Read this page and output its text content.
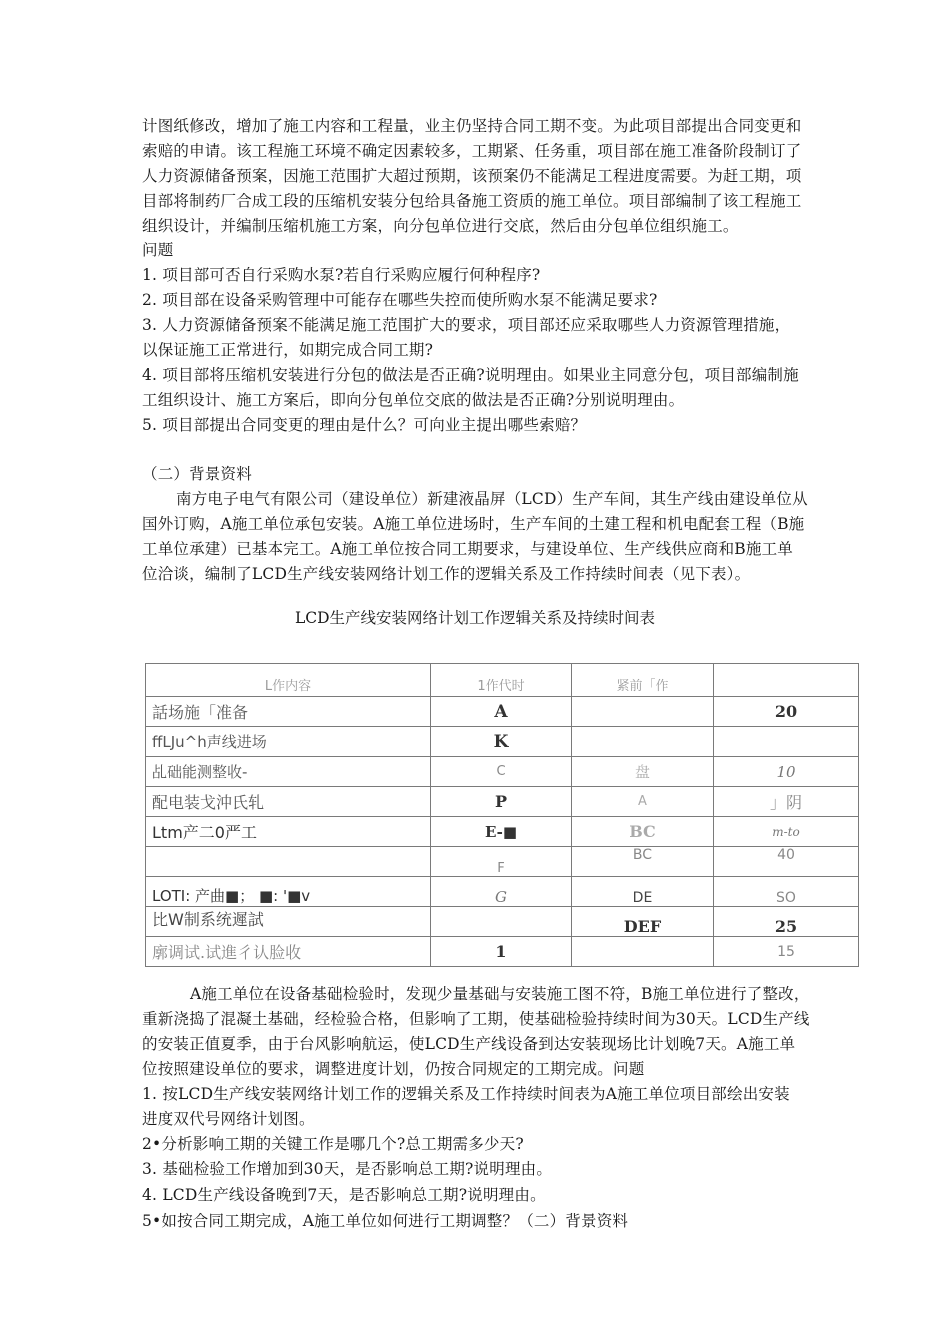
计图纸修改，增加了施工内容和工程量，业主仍坚持合同工期不变。为此项目部提出合同变更和
索赔的申请。该工程施工环境不确定因素较多，工期紧、任务重，项目部在施工准备阶段制订了
人力资源储备预案，因施工范围扩大超过预期，该预案仍不能满足工程进度需要。为赶工期，项
目部将制药厂合成工段的压缩机安装分包给具备施工资质的施工单位。项目部编制了该工程施工
组织设计，并编制压缩机施工方案，向分包单位进行交底，然后由分包单位组织施工。
问题
1. 项目部可否自行采购水泵?若自行采购应履行何种程序?
2. 项目部在设备采购管理中可能存在哪些失控而使所购水泵不能满足要求?
3. 人力资源储备预案不能满足施工范围扩大的要求，项目部还应采取哪些人力资源管理措施，
以保证施工正常进行，如期完成合同工期?
4. 项目部将压缩机安装进行分包的做法是否正确?说明理由。如果业主同意分包，项目部编制施
工组织设计、施工方案后，即向分包单位交底的做法是否正确?分别说明理由。
5. 项目部提出合同变更的理由是什么？可向业主提出哪些索赔？
（二）背景资料
南方电子电气有限公司（建设单位）新建液晶屏（LCD）生产车间，其生产线由建设单位从
国外订购，A施工单位承包安装。A施工单位进场时，生产车间的土建工程和机电配套工程（B施
工单位承建）已基本完工。A施工单位按合同工期要求，与建设单位、生产线供应商和B施工单
位洽谈，编制了LCD生产线安装网络计划工作的逻辑关系及工作持续时间表（见下表）。
LCD生产线安装网络计划工作逻辑关系及持续时间表
L作内容	1作代时	紧前「作	
話场施「准备	A		20
ffLJu^h声线进场	K		
乩础能测整收-	C	盘	10
配电装戈沖氏轧	P	A	」阴
Ltm产二0严工	E-■	BC	m-to
	F	BC	40
LOTI: 产曲■； ■: '■v	G	DE	SO
比W制系统遲試		DEF	25
廓调试.试進彳认脸收	1		15
A施工单位在设备基础检验时，发现少量基础与安装施工图不符，B施工单位进行了整改，
重新浇捣了混凝土基础，经检验合格，但影响了工期，使基础检验持续时间为30天。LCD生产线
的安装正值夏季，由于台风影响航运，使LCD生产线设备到达安装现场比计划晚7天。A施工单
位按照建设单位的要求，调整进度计划，仍按合同规定的工期完成。问题
1. 按LCD生产线安装网络计划工作的逻辑关系及工作持续时间表为A施工单位项目部绘出安装
进度双代号网络计划图。
2•分析影响工期的关键工作是哪几个?总工期需多少天?
3. 基础检验工作增加到30天，是否影响总工期?说明理由。
4. LCD生产线设备晚到7天，是否影响总工期?说明理由。
5•如按合同工期完成，A施工单位如何进行工期调整？（二）背景资料
